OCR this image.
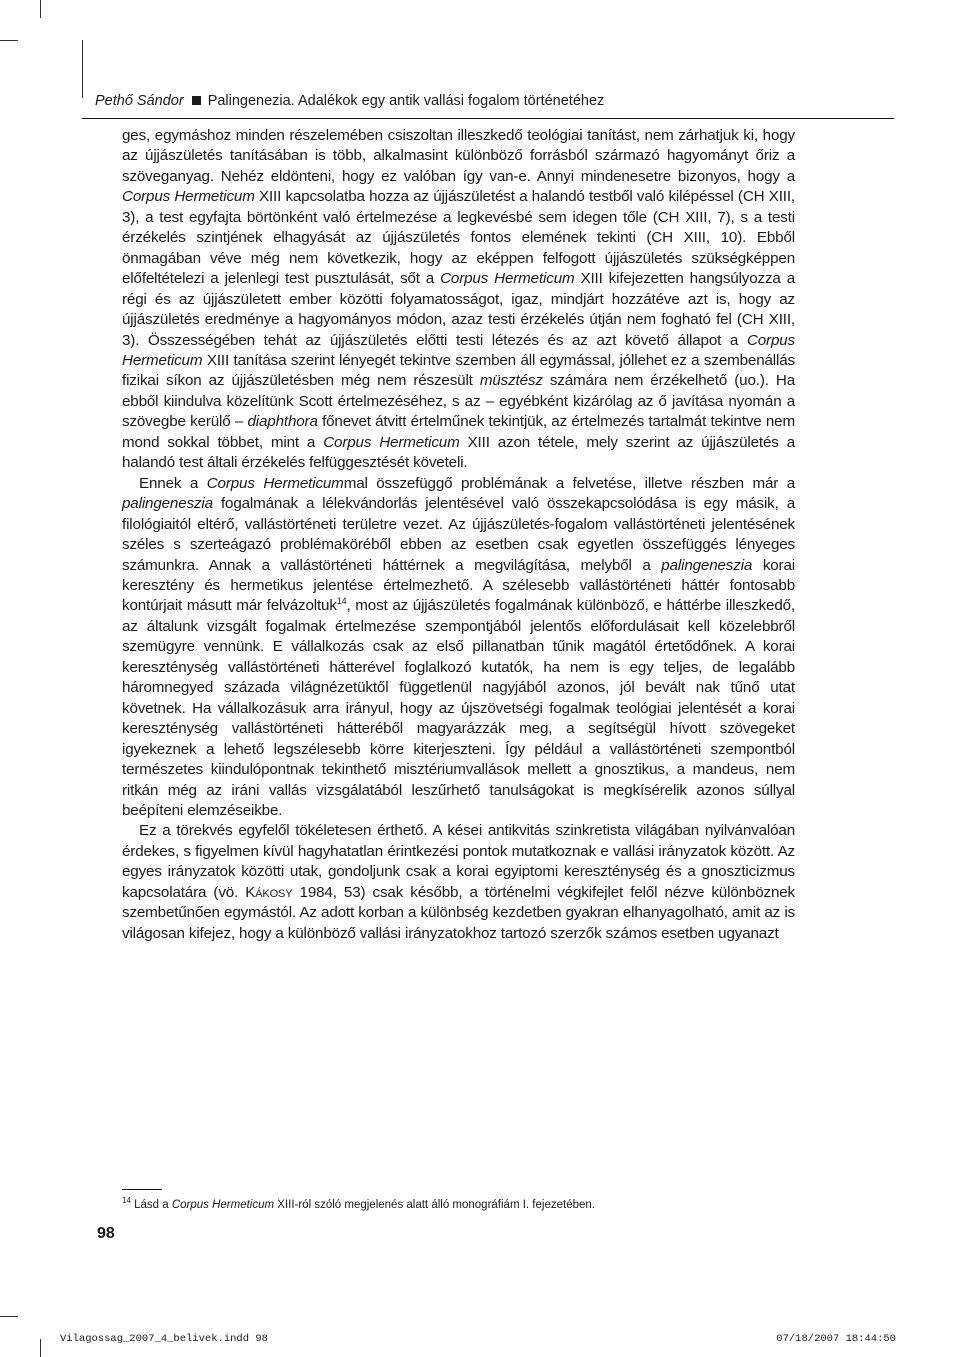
Pethő Sándor Palingenezia. Adalékok egy antik vallási fogalom történetéhez

ges, egymáshoz minden részelemében csiszoltan illeszkedő teológiai tanítást, nem zárhatjuk ki, hogy az újjászületés tanításában is több, alkalmasint különböző forrásból származó hagyományt őriz a szöveganyag. Nehéz eldönteni, hogy ez valóban így van-e. Annyi mindenesetre bizonyos, hogy a Corpus Hermeticum XIII kapcsolatba hozza az újjászületést a halandó testből való kilépéssel (CH XIII, 3), a test egyfajta börtönként való értelmezése a legkevésbé sem idegen tőle (CH XIII, 7), s a testi érzékelés szintjének elhagyását az újjászületés fontos elemének tekinti (CH XIII, 10). Ebből önmagában véve még nem következik, hogy az eképpen felfogott újjászületés szükségképpen előfeltételezi a jelenlegi test pusztulását, sőt a Corpus Hermeticum XIII kifejezetten hangsúlyozza a régi és az újjászületett ember közötti folyamatosságot, igaz, mindjárt hozzátéve azt is, hogy az újjászületés eredménye a hagyományos módon, azaz testi érzékelés útján nem fogható fel (CH XIII, 3). Összességében tehát az újjászületés előtti testi létezés és az azt követő állapot a Corpus Hermeticum XIII tanítása szerint lényegét tekintve szemben áll egymással, jóllehet ez a szembenállás fizikai síkon az újjászületésben még nem részesült müsztész számára nem érzékelhető (uo.). Ha ebből kiindulva közelítünk Scott értelmezéséhez, s az – egyébként kizárólag az ő javítása nyomán a szövegbe kerülő – diaphthora főnevet átvitt értelműnek tekintjük, az értelmezés tartalmát tekintve nem mond sokkal többet, mint a Corpus Hermeticum XIII azon tétele, mely szerint az újjászületés a halandó test általi érzékelés felfüggesztését követeli.

Ennek a Corpus Hermeticummal összefüggő problémának a felvetése, illetve részben már a palingeneszia fogalmának a lélekvándorlás jelentésével való összekapcsolódása is egy másik, a filológiaitól eltérő, vallástörténeti területre vezet. Az újjászületés-fogalom vallástörténeti jelentésének széles s szerteágazó problémaköréből ebben az esetben csak egyetlen összefüggés lényeges számunkra. Annak a vallástörténeti háttérnek a megvilágítása, melyből a palingeneszia korai keresztény és hermetikus jelentése értelmezhető. A szélesebb vallástörténeti háttér fontosabb kontúrjait másutt már felvázoltuk$^{14}$, most az újjászületés fogalmának különböző, e háttérbe illeszkedő, az általunk vizsgált fogalmak értelmezése szempontjából jelentős előfordulásait kell közelebbről szemügyre vennünk. E vállalkozás csak az első pillanatban tűnik magától értetődőnek. A korai kereszténység vallástörténeti hátterével foglalkozó kutatók, ha nem is egy teljes, de legalább háromnegyed százada világnézetüktől függetlenül nagyjából azonos, jól bevált nak tűnő utat követnek. Ha vállalkozásuk arra irányul, hogy az újszövetségi fogalmak teológiai jelentését a korai kereszténység vallástörténeti hátteréből magyarázzák meg, a segítségül hívott szövegeket igyekeznek a lehető legszélesebb körre kiterjeszteni. Így például a vallástörténeti szempontból természetes kiindulópontnak tekinthető misztériumvallások mellett a gnosztikus, a mandeus, nem ritkán még az iráni vallás vizsgálatából leszűrhető tanulságokat is megkísérelik azonos súllyal beépíteni elemzéseikbe.

Ez a törekvés egyfelől tökéletesen érthető. A kései antikvitás szinkretista világában nyilvánvalóan érdekes, s figyelmen kívül hagyhatatlan érintkezési pontok mutatkoznak e vallási irányzatok között. Az egyes irányzatok közötti utak, gondoljunk csak a korai egyiptomi kereszténység és a gnoszticizmus kapcsolatára (vö. Kákosy 1984, 53) csak később, a történelmi végkifejlet felől nézve különböznek szembetűnően egymástól. Az adott korban a különbség kezdetben gyakran elhanyagolható, amit az is világosan kifejez, hogy a különböző vallási irányzatokhoz tartozó szerzők számos esetben ugyanazt

$^{14}$ Lásd a Corpus Hermeticum XIII-ról szóló megjelenés alatt álló monográfiám I. fejezetében.
98
Vilagossag_2007_4_belivek.indd 98	07/18/2007 18:44:50
